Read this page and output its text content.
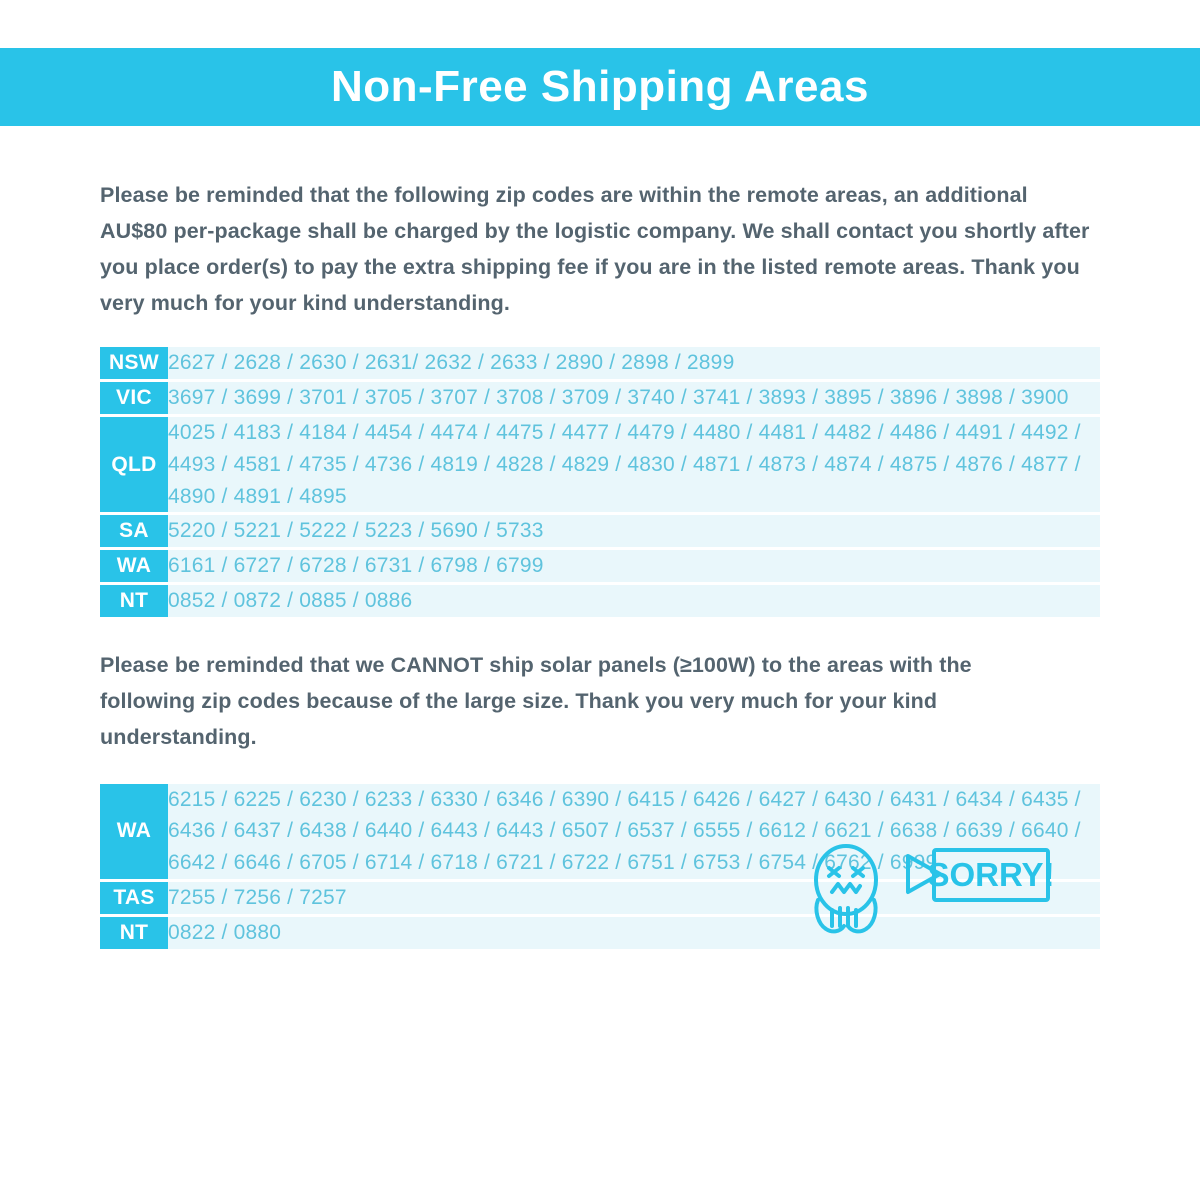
Non-Free Shipping Areas

Please be reminded that the following zip codes are within the remote areas, an additional AU$80 per-package shall be charged by the logistic company. We shall contact you shortly after you place order(s) to pay the extra shipping fee if you are in the listed remote areas. Thank you very much for your kind understanding.

NSW	2627 / 2628 / 2630 / 2631/ 2632 / 2633 / 2890 / 2898 / 2899
VIC	3697 / 3699 / 3701 / 3705 / 3707 / 3708 / 3709 / 3740 / 3741 / 3893 / 3895 / 3896 / 3898 / 3900
QLD	4025 / 4183 / 4184 / 4454 / 4474 / 4475 / 4477 / 4479 / 4480 / 4481 / 4482 / 4486 / 4491 / 4492 / 4493 / 4581 / 4735 / 4736 / 4819 / 4828 / 4829 / 4830 / 4871 / 4873 / 4874 / 4875 / 4876 / 4877 / 4890 / 4891 / 4895
SA	5220 / 5221 / 5222 / 5223 / 5690 / 5733
WA	6161 / 6727 / 6728 / 6731 / 6798 / 6799
NT	0852 / 0872 / 0885 / 0886

Please be reminded that we CANNOT ship solar panels (≥100W) to the areas with the following zip codes because of the large size. Thank you very much for your kind understanding.

WA	6215 / 6225 / 6230 / 6233 / 6330 / 6346 / 6390 / 6415 / 6426 / 6427 / 6430 / 6431 / 6434 / 6435 / 6436 / 6437 / 6438 / 6440 / 6443 / 6443 / 6507 / 6537 / 6555 / 6612 / 6621 / 6638 / 6639 / 6640 / 6642 / 6646 / 6705 / 6714 / 6718 / 6721 / 6722 / 6751 / 6753 / 6754 / 6762 / 6999
TAS	7255 / 7256 / 7257
NT	0822 / 0880
SORRY!
